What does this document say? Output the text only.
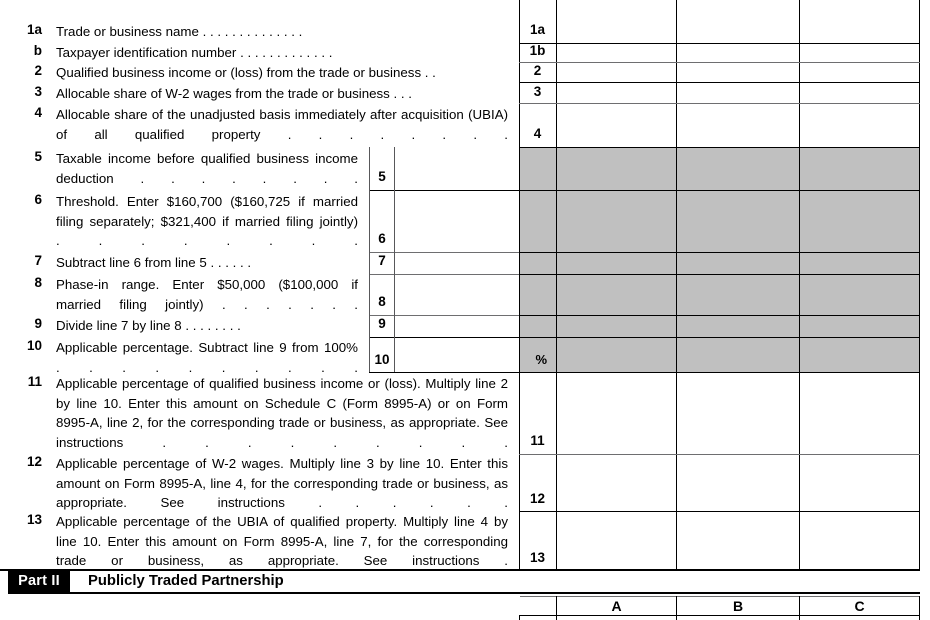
1a Trade or business name . . . . . . . . . . . . . .	1a
b Taxpayer identification number . . . . . . . . . . . . .	1b
2 Qualified business income or (loss) from the trade or business . .	2
3 Allocable share of W-2 wages from the trade or business . . .	3
4 Allocable share of the unadjusted basis immediately after acquisition (UBIA) of all qualified property . . . . . . . .	4
5 Taxable income before qualified business income deduction . . . . . . . .	5
6 Threshold. Enter $160,700 ($160,725 if married filing separately; $321,400 if married filing jointly) . . . . . . . .	6
7 Subtract line 6 from line 5 . . . . . .	7
8 Phase-in range. Enter $50,000 ($100,000 if married filing jointly) . . . . . . .	8
9 Divide line 7 by line 8 . . . . . . . .	9
10 Applicable percentage. Subtract line 9 from 100% . . . . . . . . . .	10	%
11 Applicable percentage of qualified business income or (loss). Multiply line 2 by line 10. Enter this amount on Schedule C (Form 8995-A) or on Form 8995-A, line 2, for the corresponding trade or business, as appropriate. See instructions	. . . . . . . . .	11
12 Applicable percentage of W-2 wages. Multiply line 3 by line 10. Enter this amount on Form 8995-A, line 4, for the corresponding trade or business, as appropriate. See instructions	. . . . . .	12
13 Applicable percentage of the UBIA of qualified property. Multiply line 4 by line 10. Enter this amount on Form 8995-A, line 7, for the corresponding trade or business, as appropriate. See instructions .	13
Part II	Publicly Traded Partnership
A	B	C
